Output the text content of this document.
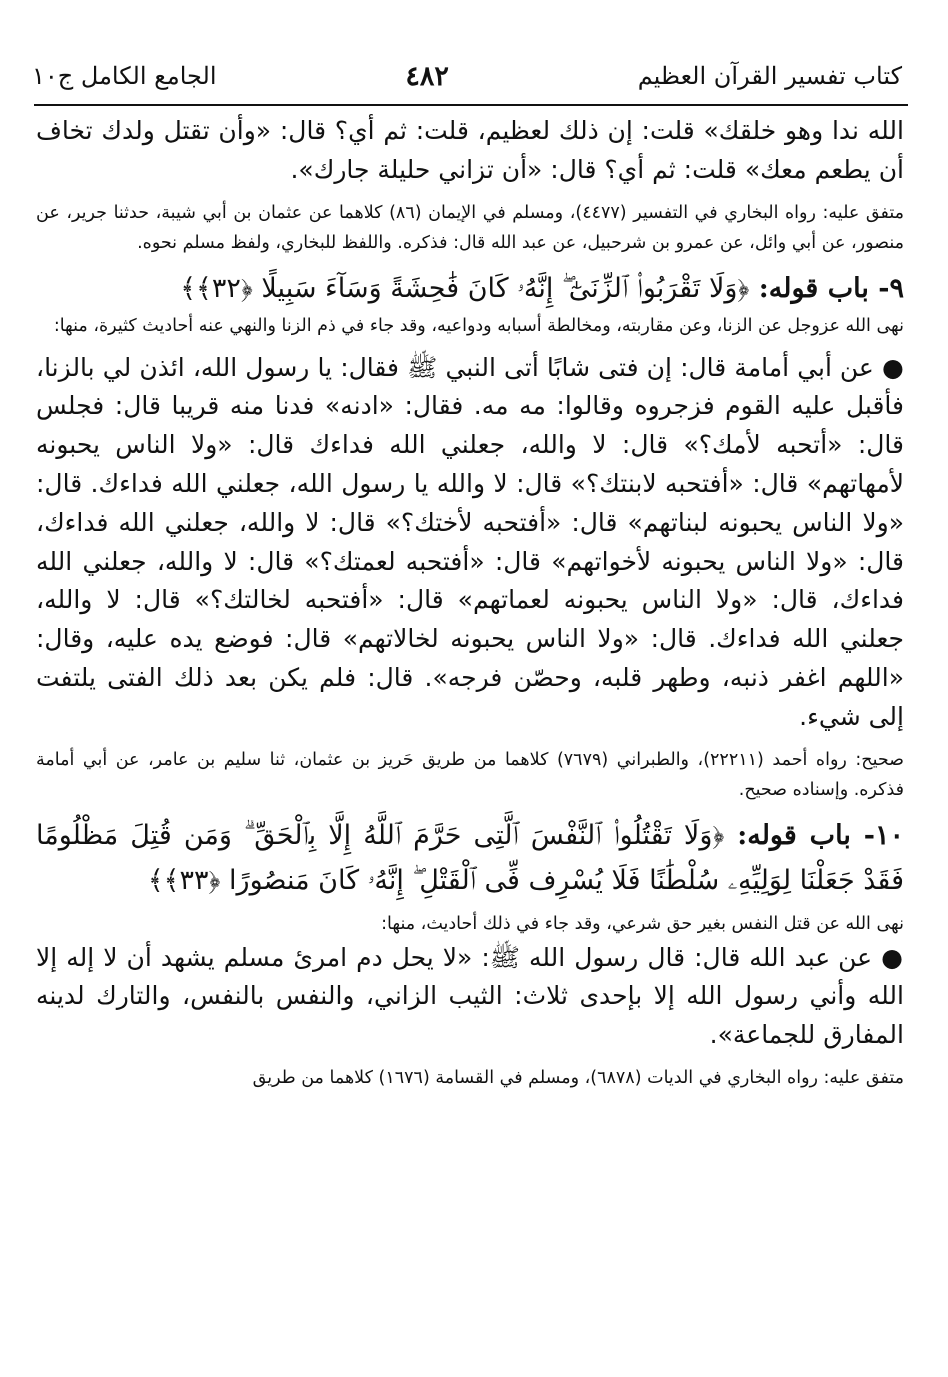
كتاب تفسير القرآن العظيم
٤٨٢
الجامع الكامل ج١٠

الله ندا وهو خلقك» قلت: إن ذلك لعظيم، قلت: ثم أي؟ قال: «وأن تقتل ولدك تخاف أن يطعم معك» قلت: ثم أي؟ قال: «أن تزاني حليلة جارك».

متفق عليه: رواه البخاري في التفسير (٤٤٧٧)، ومسلم في الإيمان (٨٦) كلاهما عن عثمان بن أبي شيبة، حدثنا جرير، عن منصور، عن أبي وائل، عن عمرو بن شرحبيل، عن عبد الله قال: فذكره. واللفظ للبخاري، ولفظ مسلم نحوه.

٩- باب قوله: ﴿وَلَا تَقْرَبُوا۟ ٱلزِّنَىٰٓ ۖ إِنَّهُۥ كَانَ فَٰحِشَةً وَسَآءَ سَبِيلًا ﴿٣٢﴾﴾

نهى الله عزوجل عن الزنا، وعن مقاربته، ومخالطة أسبابه ودواعيه، وقد جاء في ذم الزنا والنهي عنه أحاديث كثيرة، منها:

● عن أبي أمامة قال: إن فتى شابًا أتى النبي ﷺ فقال: يا رسول الله، ائذن لي بالزنا، فأقبل عليه القوم فزجروه وقالوا: مه مه. فقال: «ادنه» فدنا منه قريبا قال: فجلس قال: «أتحبه لأمك؟» قال: لا والله، جعلني الله فداءك قال: «ولا الناس يحبونه لأمهاتهم» قال: «أفتحبه لابنتك؟» قال: لا والله يا رسول الله، جعلني الله فداءك. قال: «ولا الناس يحبونه لبناتهم» قال: «أفتحبه لأختك؟» قال: لا والله، جعلني الله فداءك، قال: «ولا الناس يحبونه لأخواتهم» قال: «أفتحبه لعمتك؟» قال: لا والله، جعلني الله فداءك، قال: «ولا الناس يحبونه لعماتهم» قال: «أفتحبه لخالتك؟» قال: لا والله، جعلني الله فداءك. قال: «ولا الناس يحبونه لخالاتهم» قال: فوضع يده عليه، وقال: «اللهم اغفر ذنبه، وطهر قلبه، وحصّن فرجه». قال: فلم يكن بعد ذلك الفتى يلتفت إلى شيء.

صحيح: رواه أحمد (٢٢٢١١)، والطبراني (٧٦٧٩) كلاهما من طريق حَريز بن عثمان، ثنا سليم بن عامر، عن أبي أمامة فذكره. وإسناده صحيح.

١٠- باب قوله: ﴿وَلَا تَقْتُلُوا۟ ٱلنَّفْسَ ٱلَّتِى حَرَّمَ ٱللَّهُ إِلَّا بِٱلْحَقِّ ۗ وَمَن قُتِلَ مَظْلُومًا فَقَدْ جَعَلْنَا لِوَلِيِّهِۦ سُلْطَٰنًا فَلَا يُسْرِف فِّى ٱلْقَتْلِ ۖ إِنَّهُۥ كَانَ مَنصُورًا ﴿٣٣﴾﴾

نهى الله عن قتل النفس بغير حق شرعي، وقد جاء في ذلك أحاديث، منها:

● عن عبد الله قال: قال رسول الله ﷺ: «لا يحل دم امرئ مسلم يشهد أن لا إله إلا الله وأني رسول الله إلا بإحدى ثلاث: الثيب الزاني، والنفس بالنفس، والتارك لدينه المفارق للجماعة».

متفق عليه: رواه البخاري في الديات (٦٨٧٨)، ومسلم في القسامة (١٦٧٦) كلاهما من طريق
